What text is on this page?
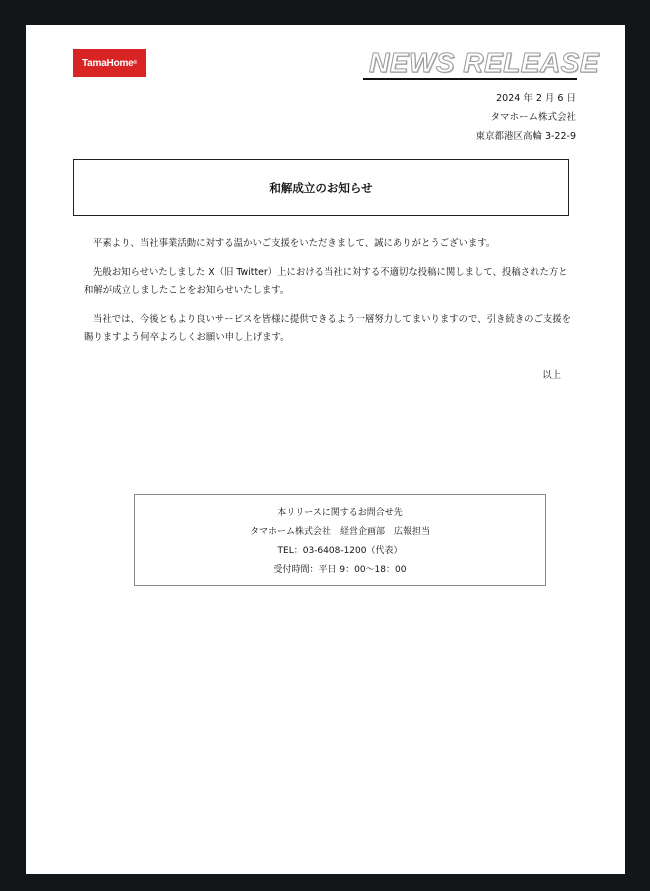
TamaHome ®	NEWS RELEASE
2024 年 2 月 6 日
タマホーム株式会社
東京都港区高輪 3-22-9
和解成立のお知らせ

平素より、当社事業活動に対する温かいご支援をいただきまして、誠にありがとうございます。

先般お知らせいたしました X（旧 Twitter）上における当社に対する不適切な投稿に関しまして、投稿された方と和解が成立しましたことをお知らせいたします。

当社では、今後ともより良いサービスを皆様に提供できるよう一層努力してまいりますので、引き続きのご支援を賜りますよう何卒よろしくお願い申し上げます。

以上
本リリースに関するお問合せ先
タマホーム株式会社　経営企画部　広報担当
TEL：03-6408-1200（代表）
受付時間：平日 9：00～18：00
